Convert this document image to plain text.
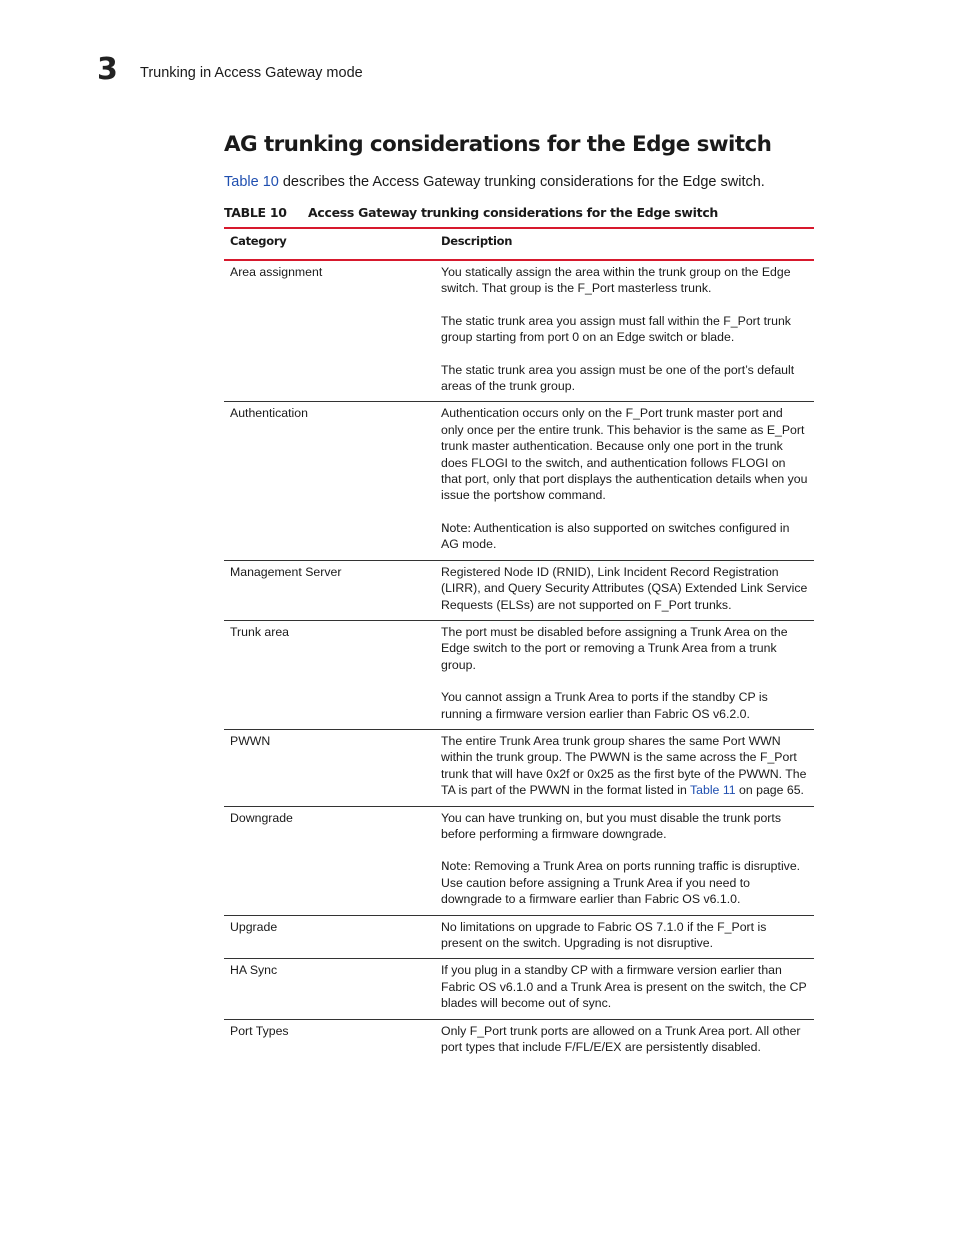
3 Trunking in Access Gateway mode
AG trunking considerations for the Edge switch

Table 10 describes the Access Gateway trunking considerations for the Edge switch.

TABLE 10 Access Gateway trunking considerations for the Edge switch
Category	Description
Area assignment	You statically assign the area within the trunk group on the Edge switch. That group is the F_Port masterless trunk.

The static trunk area you assign must fall within the F_Port trunk group starting from port 0 on an Edge switch or blade.

The static trunk area you assign must be one of the port’s default areas of the trunk group.

Authentication	Authentication occurs only on the F_Port trunk master port and only once per the entire trunk. This behavior is the same as E_Port trunk master authentication. Because only one port in the trunk does FLOGI to the switch, and authentication follows FLOGI on that port, only that port displays the authentication details when you issue the portshow command.

Note: Authentication is also supported on switches configured in AG mode.

Management Server	Registered Node ID (RNID), Link Incident Record Registration (LIRR), and Query Security Attributes (QSA) Extended Link Service Requests (ELSs) are not supported on F_Port trunks.

Trunk area	The port must be disabled before assigning a Trunk Area on the Edge switch to the port or removing a Trunk Area from a trunk group.

You cannot assign a Trunk Area to ports if the standby CP is running a firmware version earlier than Fabric OS v6.2.0.

PWWN	The entire Trunk Area trunk group shares the same Port WWN within the trunk group. The PWWN is the same across the F_Port trunk that will have 0x2f or 0x25 as the first byte of the PWWN. The TA is part of the PWWN in the format listed in Table 11 on page 65.

Downgrade	You can have trunking on, but you must disable the trunk ports before performing a firmware downgrade.

Note: Removing a Trunk Area on ports running traffic is disruptive. Use caution before assigning a Trunk Area if you need to downgrade to a firmware earlier than Fabric OS v6.1.0.

Upgrade	No limitations on upgrade to Fabric OS 7.1.0 if the F_Port is present on the switch. Upgrading is not disruptive.

HA Sync	If you plug in a standby CP with a firmware version earlier than Fabric OS v6.1.0 and a Trunk Area is present on the switch, the CP blades will become out of sync.

Port Types	Only F_Port trunk ports are allowed on a Trunk Area port. All other port types that include F/FL/E/EX are persistently disabled.
